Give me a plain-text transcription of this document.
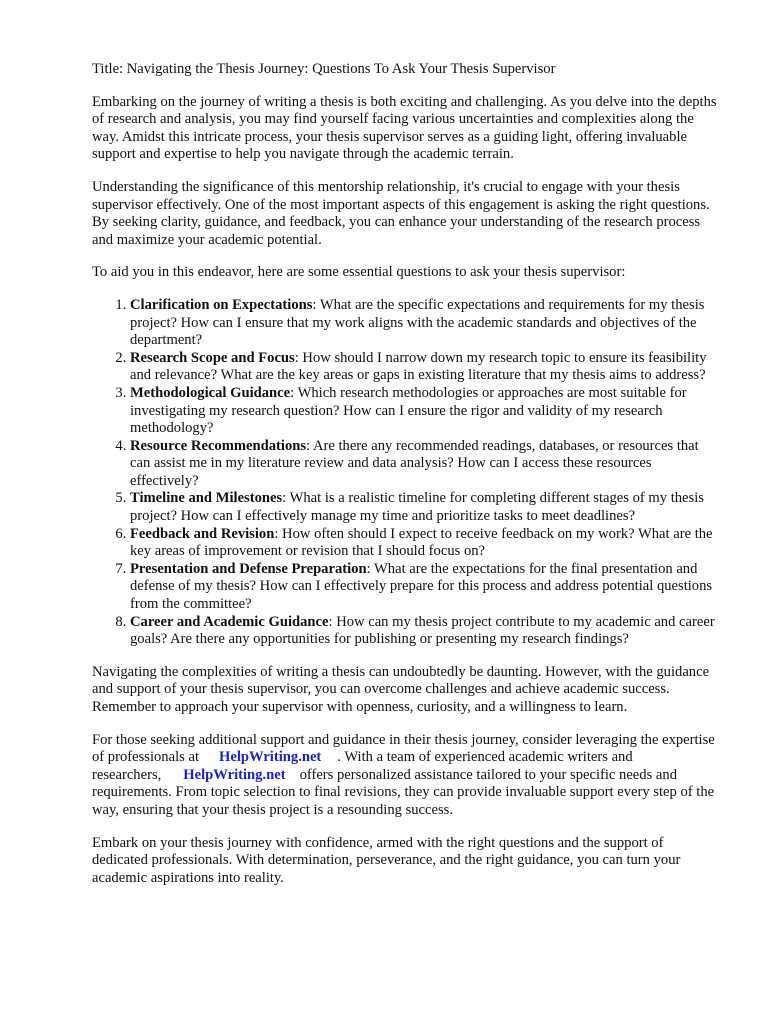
Title: Navigating the Thesis Journey: Questions To Ask Your Thesis Supervisor

Embarking on the journey of writing a thesis is both exciting and challenging. As you delve into the depths of research and analysis, you may find yourself facing various uncertainties and complexities along the way. Amidst this intricate process, your thesis supervisor serves as a guiding light, offering invaluable support and expertise to help you navigate through the academic terrain.

Understanding the significance of this mentorship relationship, it's crucial to engage with your thesis supervisor effectively. One of the most important aspects of this engagement is asking the right questions. By seeking clarity, guidance, and feedback, you can enhance your understanding of the research process and maximize your academic potential.

To aid you in this endeavor, here are some essential questions to ask your thesis supervisor:

1. Clarification on Expectations: What are the specific expectations and requirements for my thesis project? How can I ensure that my work aligns with the academic standards and objectives of the department?
2. Research Scope and Focus: How should I narrow down my research topic to ensure its feasibility and relevance? What are the key areas or gaps in existing literature that my thesis aims to address?
3. Methodological Guidance: Which research methodologies or approaches are most suitable for investigating my research question? How can I ensure the rigor and validity of my research methodology?
4. Resource Recommendations: Are there any recommended readings, databases, or resources that can assist me in my literature review and data analysis? How can I access these resources effectively?
5. Timeline and Milestones: What is a realistic timeline for completing different stages of my thesis project? How can I effectively manage my time and prioritize tasks to meet deadlines?
6. Feedback and Revision: How often should I expect to receive feedback on my work? What are the key areas of improvement or revision that I should focus on?
7. Presentation and Defense Preparation: What are the expectations for the final presentation and defense of my thesis? How can I effectively prepare for this process and address potential questions from the committee?
8. Career and Academic Guidance: How can my thesis project contribute to my academic and career goals? Are there any opportunities for publishing or presenting my research findings?

Navigating the complexities of writing a thesis can undoubtedly be daunting. However, with the guidance and support of your thesis supervisor, you can overcome challenges and achieve academic success. Remember to approach your supervisor with openness, curiosity, and a willingness to learn.

For those seeking additional support and guidance in their thesis journey, consider leveraging the expertise of professionals at HelpWriting.net . With a team of experienced academic writers and researchers, HelpWriting.net offers personalized assistance tailored to your specific needs and requirements. From topic selection to final revisions, they can provide invaluable support every step of the way, ensuring that your thesis project is a resounding success.

Embark on your thesis journey with confidence, armed with the right questions and the support of dedicated professionals. With determination, perseverance, and the right guidance, you can turn your academic aspirations into reality.
